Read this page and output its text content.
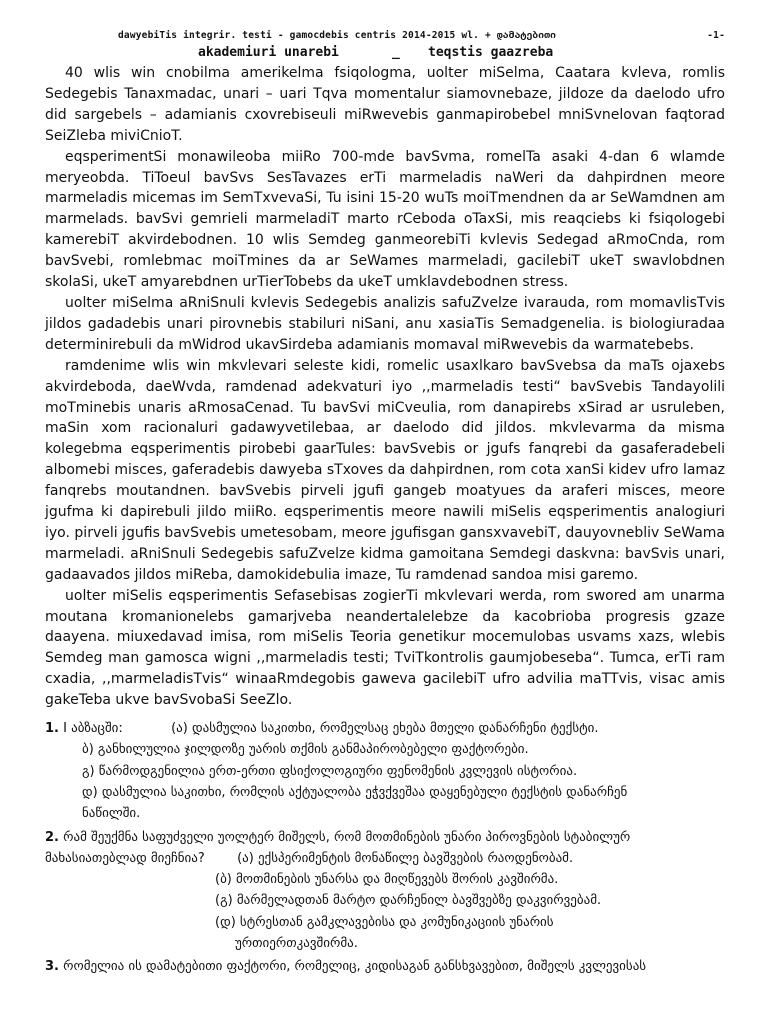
dawyebiTis integrir. testi - gamocdebis centris 2014-2015 wl. + დამატებითი	-1-
akademiuri unarebi	_ teqstis gaazreba

40 wlis win cnobilma amerikelma fsiqologma, uolter miSelma, Caatara kvleva, romlis Sedegebis Tanaxmadac, unari – uari Tqva momentalur siamovnebaze, jildoze da daelodo ufro did sargebels – adamianis cxovrebiseuli miRwevebis ganmapirobebel mniSvnelovan faqtorad SeiZleba miviCnioT.

eqsperimentSi monawileoba miiRo 700-mde bavSvma, romelTa asaki 4-dan 6 wlamde meryeobda. TiToeul bavSvs SesTavazes erTi marmeladis naWeri da dahpirdnen meore marmeladis micemas im SemTxvevaSi, Tu isini 15-20 wuTs moiTmendnen da ar SeWamdnen am marmelads. bavSvi gemrieli marmeladiT marto rCeboda oTaxSi, mis reaqciebs ki fsiqologebi kamerebiT akvirdebodnen. 10 wlis Semdeg ganmeorebiTi kvlevis Sedegad aRmoCnda, rom bavSvebi, romlebmac moiTmines da ar SeWames marmeladi, gacilebiT ukeT swavlobdnen skolaSi, ukeT amyarebdnen urTierTobebs da ukeT umklavdebodnen stress.

uolter miSelma aRniSnuli kvlevis Sedegebis analizis safuZvelze ivarauda, rom momavlisTvis jildos gadadebis unari pirovnebis stabiluri niSani, anu xasiaTis Semadgenelia. is biologiuradaa determinirebuli da mWidrod ukavSirdeba adamianis momaval miRwevebis da warmatebebs.

ramdenime wlis win mkvlevari seleste kidi, romelic usaxlkaro bavSvebsa da maTs ojaxebs akvirdeboda, daeWvda, ramdenad adekvaturi iyo ,,marmeladis testi“ bavSvebis Tandayolili moTminebis unaris aRmosaCenad. Tu bavSvi miCveulia, rom danapirebs xSirad ar usruleben, maSin xom racionaluri gadawyvetilebaa, ar daelodo did jildos. mkvlevarma da misma kolegebma eqsperimentis pirobebi gaarTules: bavSvebis or jgufs fanqrebi da gasaferadebeli albomebi misces, gaferadebis dawyeba sTxoves da dahpirdnen, rom cota xanSi kidev ufro lamaz fanqrebs moutandnen. bavSvebis pirveli jgufi gangeb moatyues da araferi misces, meore jgufma ki dapirebuli jildo miiRo. eqsperimentis meore nawili miSelis eqsperimentis analogiuri iyo. pirveli jgufis bavSvebis umetesobam, meore jgufisgan gansxvavebiT, dauyovnebliv SeWama marmeladi. aRniSnuli Sedegebis safuZvelze kidma gamoitana Semdegi daskvna: bavSvis unari, gadaavados jildos miReba, damokidebulia imaze, Tu ramdenad sandoa misi garemo.

uolter miSelis eqsperimentis Sefasebisas zogierTi mkvlevari werda, rom swored am unarma moutana kromanionelebs gamarjveba neandertalelebze da kacobrioba progresis gzaze daayena. miuxedavad imisa, rom miSelis Teoria genetikur mocemulobas usvams xazs, wlebis Semdeg man gamosca wigni ,,marmeladis testi; TviTkontrolis gaumjobeseba“. Tumca, erTi ram cxadia, ,,marmeladisTvis“ winaaRmdegobis gaweva gacilebiT ufro advilia maTTvis, visac amis gakeTeba ukve bavSvobaSi SeeZlo.

1. I აბზაცში:	(ა) დასმულია საკითხი, რომელსაც ეხება მთელი დანარჩენი ტექსტი.
ბ) განხილულია ჯილდოზე უარის თქმის განმაპირობებელი ფაქტორები.
გ) წარმოდგენილია ერთ-ერთი ფსიქოლოგიური ფენომენის კვლევის ისტორია.
დ) დასმულია საკითხი, რომლის აქტუალობა ეჭვქვეშაა დაყენებული ტექსტის დანარჩენ
ნაწილში.
2. რამ შეუქმნა საფუძველი უოლტერ მიშელს, რომ მოთმინების უნარი პიროვნების სტაბილურ
მახასიათებლად მიეჩნია? (ა) ექსპერიმენტის მონაწილე ბავშვების რაოდენობამ.
(ბ) მოთმინების უნარსა და მიღწევებს შორის კავშირმა.
(გ) მარმელადთან მარტო დარჩენილ ბავშვებზე დაკვირვებამ.
(დ) სტრესთან გამკლავებისა და კომუნიკაციის უნარის
ურთიერთკავშირმა.
3. რომელია ის დამატებითი ფაქტორი, რომელიც, კიდისაგან განსხვავებით, მიშელს კვლევისას
